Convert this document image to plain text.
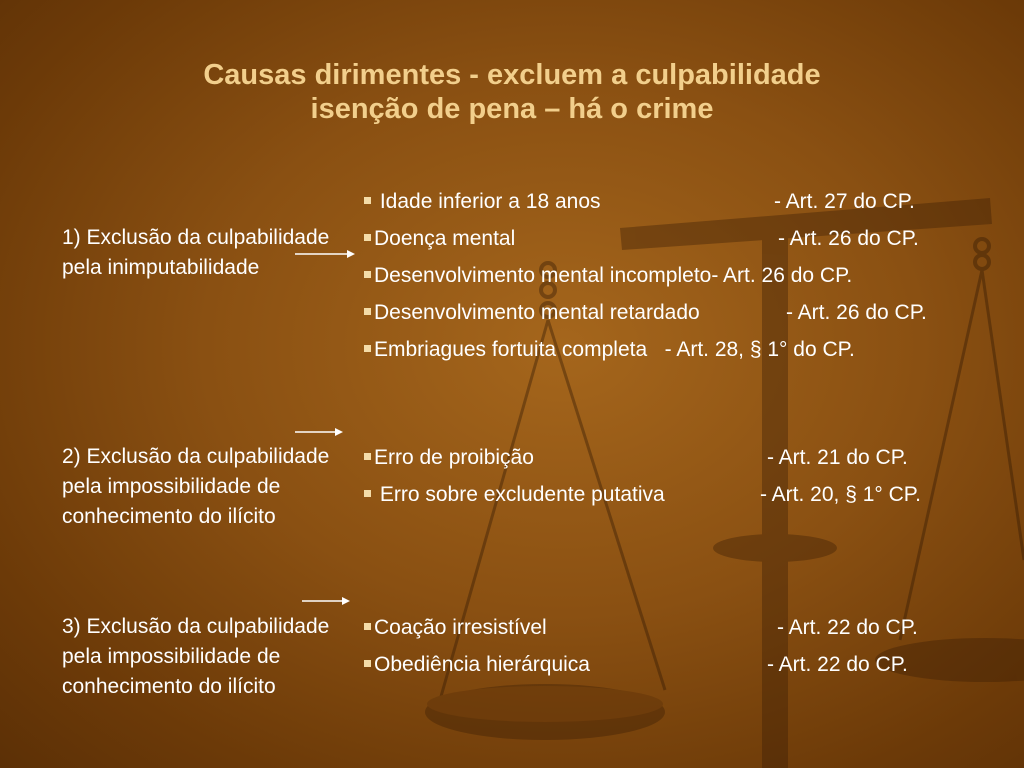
Causas dirimentes - excluem a culpabilidade
isenção de pena – há o crime
1) Exclusão da culpabilidade pela inimputabilidade
Idade inferior a 18 anos	- Art. 27 do CP.
Doença mental	- Art. 26 do CP.
Desenvolvimento mental incompleto- Art. 26 do CP.
Desenvolvimento mental retardado	- Art. 26 do CP.
Embriagues fortuita completa - Art. 28, § 1° do CP.
2) Exclusão da culpabilidade pela impossibilidade de conhecimento do ilícito
Erro de proibição	- Art. 21 do CP.
Erro sobre excludente putativa	- Art. 20, § 1° CP.
3) Exclusão da culpabilidade pela impossibilidade de conhecimento do ilícito
Coação irresistível	- Art. 22 do CP.
Obediência hierárquica	- Art. 22 do CP.
